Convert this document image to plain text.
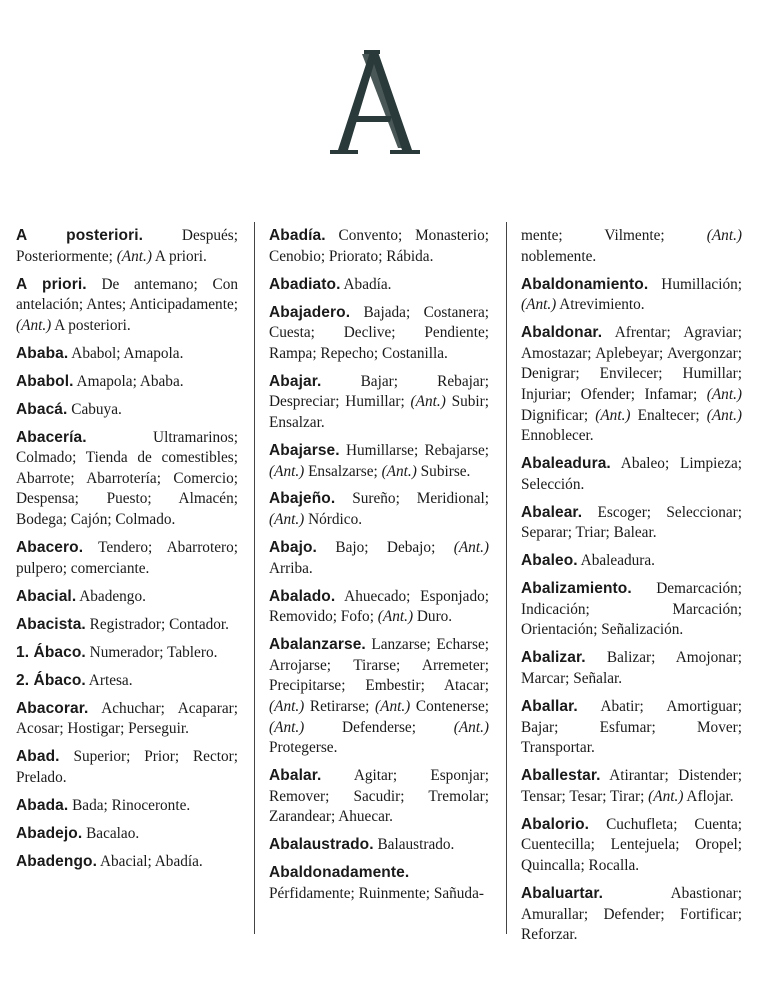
A posteriori.	Después; Posteriormente; (Ant.) A priori.

A priori. De antemano; Con antelación; Antes; Anticipadamente; (Ant.) A posteriori.

Ababa. Ababol; Amapola.

Ababol. Amapola; Ababa.

Abacá. Cabuya.

Abacería.	Ultramarinos; Colmado; Tienda de comestibles; Abarrote; Abarrotería; Comercio; Despensa; Puesto; Almacén; Bodega; Cajón; Colmado.

Abacero. Tendero; Abarrotero; pulpero; comerciante.

Abacial. Abadengo.

Abacista. Registrador; Contador.

1. Ábaco. Numerador; Tablero.

2. Ábaco. Artesa.

Abacorar. Achuchar; Acaparar; Acosar; Hostigar; Perseguir.

Abad. Superior; Prior; Rector; Prelado.

Abada. Bada; Rinoceronte.

Abadejo. Bacalao.

Abadengo. Abacial; Abadía.

Abadía. Convento; Monasterio; Cenobio; Priorato; Rábida.

Abadiato. Abadía.

Abajadero. Bajada; Costanera; Cuesta; Declive; Pendiente; Rampa; Repecho; Costanilla.

Abajar.	Bajar; Rebajar; Despreciar; Humillar; (Ant.) Subir; Ensalzar.

Abajarse. Humillarse; Rebajarse; (Ant.) Ensalzarse; (Ant.) Subirse.

Abajeño. Sureño; Meridional; (Ant.) Nórdico.

Abajo. Bajo; Debajo; (Ant.) Arriba.

Abalado. Ahuecado; Esponjado; Removido; Fofo; (Ant.) Duro.

Abalanzarse. Lanzarse; Echarse; Arrojarse; Tirarse; Arremeter; Precipitarse; Embestir; Atacar; (Ant.) Retirarse; (Ant.) Contenerse; (Ant.) Defenderse; (Ant.) Protegerse.

Abalar. Agitar; Esponjar; Remover; Sacudir; Tremolar; Zarandear; Ahuecar.

Abalaustrado. Balaustrado.

Abaldonadamente. Pérfidamente; Ruinmente; Sañuda-

mente; Vilmente; (Ant.) noblemente.

Abaldonamiento. Humillación; (Ant.) Atrevimiento.

Abaldonar. Afrentar; Agraviar; Amostazar; Aplebeyar; Avergonzar; Denigrar; Envilecer; Humillar; Injuriar; Ofender; Infamar; (Ant.) Dignificar; (Ant.) Enaltecer; (Ant.) Ennoblecer.

Abaleadura. Abaleo; Limpieza; Selección.

Abalear. Escoger; Seleccionar; Separar; Triar; Balear.

Abaleo. Abaleadura.

Abalizamiento. Demarcación; Indicación; Marcación; Orientación; Señalización.

Abalizar. Balizar; Amojonar; Marcar; Señalar.

Aballar. Abatir; Amortiguar; Bajar; Esfumar; Mover; Transportar.

Aballestar. Atirantar; Distender; Tensar; Tesar; Tirar; (Ant.) Aflojar.

Abalorio. Cuchufleta; Cuenta; Cuentecilla; Lentejuela; Oropel; Quincalla; Rocalla.

Abaluartar.	Abastionar; Amurallar; Defender; Fortificar; Reforzar.
